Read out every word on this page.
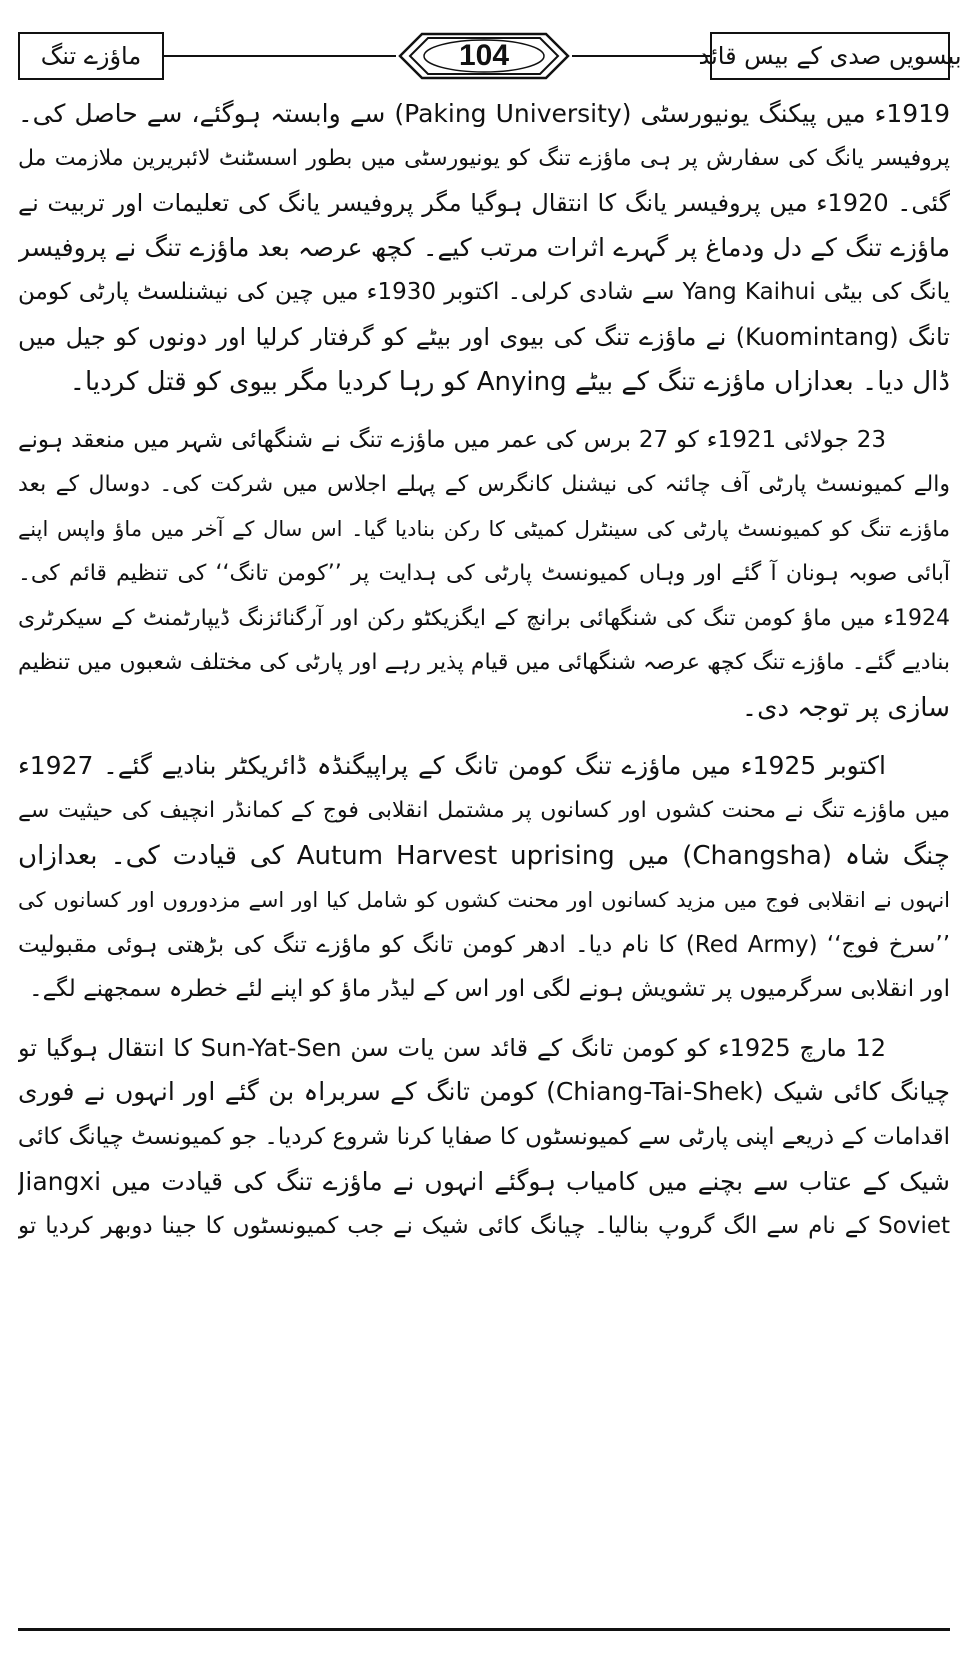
ماؤزے تنگ	بیسویں صدی کے بیس قائد
104
1919ء میں پیکنگ یونیورسٹی (Paking University) سے وابستہ ہوگئے، سے حاصل کی۔
پروفیسر یانگ کی سفارش پر ہی ماؤزے تنگ کو یونیورسٹی میں بطور اسسٹنٹ لائبریرین ملازمت مل
گئی۔ 1920ء میں پروفیسر یانگ کا انتقال ہوگیا مگر پروفیسر یانگ کی تعلیمات اور تربیت نے
ماؤزے تنگ کے دل ودماغ پر گہرے اثرات مرتب کیے۔ کچھ عرصہ بعد ماؤزے تنگ نے پروفیسر
یانگ کی بیٹی Yang Kaihui سے شادی کرلی۔ اکتوبر 1930ء میں چین کی نیشنلسٹ پارٹی کومن
تانگ (Kuomintang) نے ماؤزے تنگ کی بیوی اور بیٹے کو گرفتار کرلیا اور دونوں کو جیل میں
ڈال دیا۔ بعدازاں ماؤزے تنگ کے بیٹے Anying کو رہا کردیا مگر بیوی کو قتل کردیا۔
23 جولائی 1921ء کو 27 برس کی عمر میں ماؤزے تنگ نے شنگھائی شہر میں منعقد ہونے
والے کمیونسٹ پارٹی آف چائنہ کی نیشنل کانگرس کے پہلے اجلاس میں شرکت کی۔ دوسال کے بعد
ماؤزے تنگ کو کمیونسٹ پارٹی کی سینٹرل کمیٹی کا رکن بنادیا گیا۔ اس سال کے آخر میں ماؤ واپس اپنے
آبائی صوبہ ہونان آ گئے اور وہاں کمیونسٹ پارٹی کی ہدایت پر ’’کومن تانگ‘‘ کی تنظیم قائم کی۔
1924ء میں ماؤ کومن تنگ کی شنگھائی برانچ کے ایگزیکٹو رکن اور آرگنائزنگ ڈیپارٹمنٹ کے سیکرٹری
بنادیے گئے۔ ماؤزے تنگ کچھ عرصہ شنگھائی میں قیام پذیر رہے اور پارٹی کی مختلف شعبوں میں تنظیم
سازی پر توجہ دی۔
اکتوبر 1925ء میں ماؤزے تنگ کومن تانگ کے پراپیگنڈہ ڈائریکٹر بنادیے گئے۔ 1927ء
میں ماؤزے تنگ نے محنت کشوں اور کسانوں پر مشتمل انقلابی فوج کے کمانڈر انچیف کی حیثیت سے
چنگ شاہ (Changsha) میں Autum Harvest uprising کی قیادت کی۔ بعدازاں
انہوں نے انقلابی فوج میں مزید کسانوں اور محنت کشوں کو شامل کیا اور اسے مزدوروں اور کسانوں کی
’’سرخ فوج‘‘ (Red Army) کا نام دیا۔ ادھر کومن تانگ کو ماؤزے تنگ کی بڑھتی ہوئی مقبولیت
اور انقلابی سرگرمیوں پر تشویش ہونے لگی اور اس کے لیڈر ماؤ کو اپنے لئے خطرہ سمجھنے لگے۔
12 مارچ 1925ء کو کومن تانگ کے قائد سن یات سن Sun-Yat-Sen کا انتقال ہوگیا تو
چیانگ کائی شیک (Chiang-Tai-Shek) کومن تانگ کے سربراہ بن گئے اور انہوں نے فوری
اقدامات کے ذریعے اپنی پارٹی سے کمیونسٹوں کا صفایا کرنا شروع کردیا۔ جو کمیونسٹ چیانگ کائی
شیک کے عتاب سے بچنے میں کامیاب ہوگئے انہوں نے ماؤزے تنگ کی قیادت میں Jiangxi
Soviet کے نام سے الگ گروپ بنالیا۔ چیانگ کائی شیک نے جب کمیونسٹوں کا جینا دوبھر کردیا تو
